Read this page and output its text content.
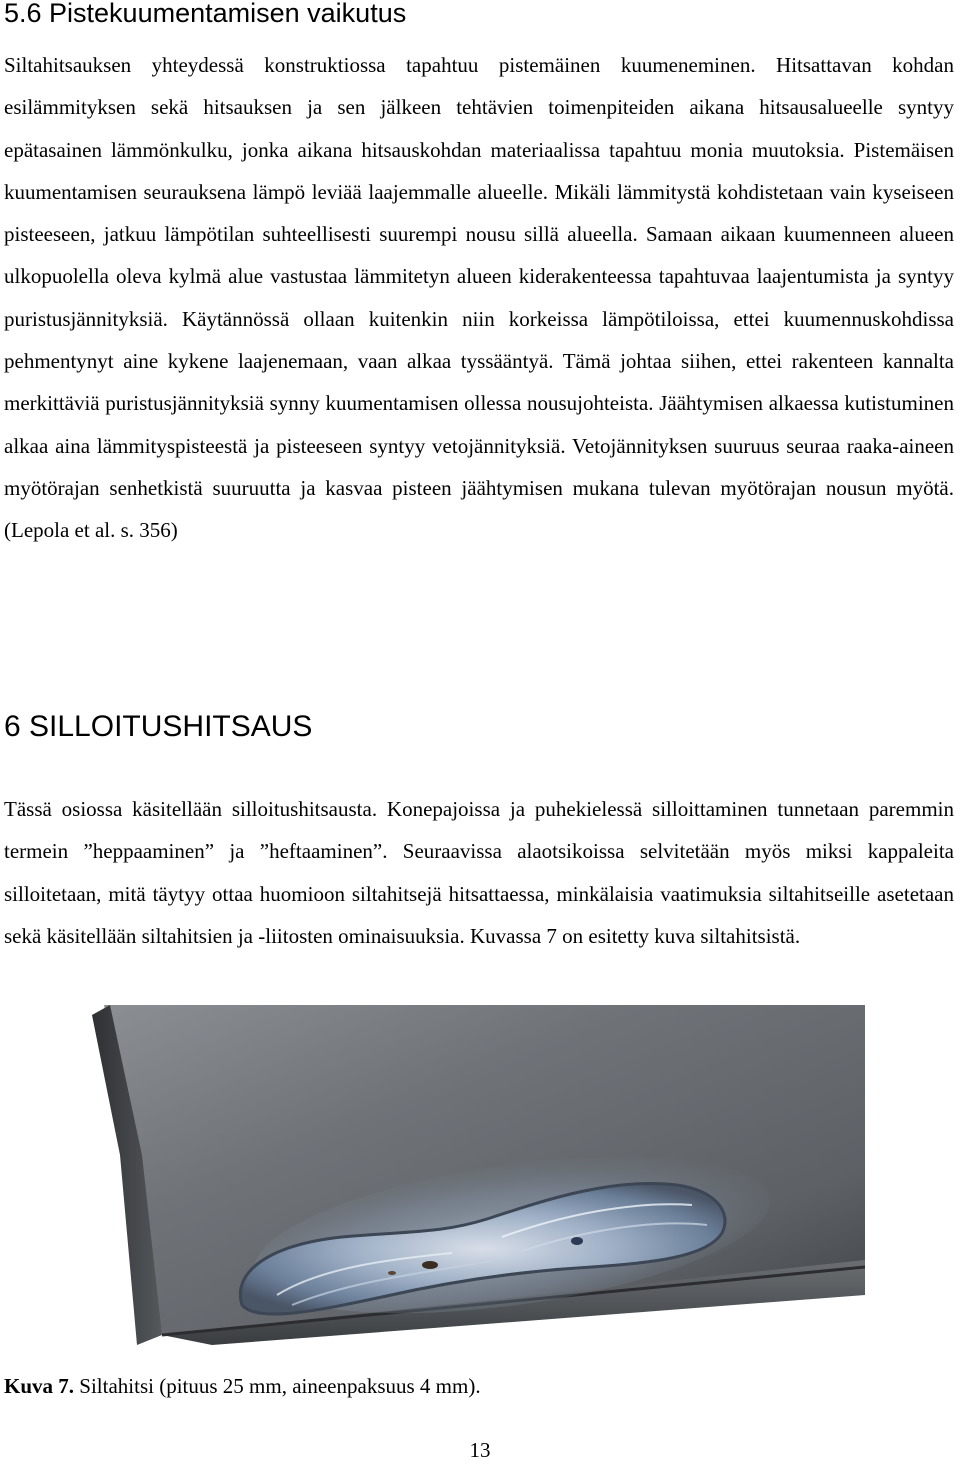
5.6 Pistekuumentamisen vaikutus

Siltahitsauksen yhteydessä konstruktiossa tapahtuu pistemäinen kuumeneminen. Hitsattavan kohdan esilämmityksen sekä hitsauksen ja sen jälkeen tehtävien toimenpiteiden aikana hitsausalueelle syntyy epätasainen lämmönkulku, jonka aikana hitsauskohdan materiaalissa tapahtuu monia muutoksia. Pistemäisen kuumentamisen seurauksena lämpö leviää laajemmalle alueelle. Mikäli lämmitystä kohdistetaan vain kyseiseen pisteeseen, jatkuu lämpötilan suhteellisesti suurempi nousu sillä alueella. Samaan aikaan kuumenneen alueen ulkopuolella oleva kylmä alue vastustaa lämmitetyn alueen kiderakenteessa tapahtuvaa laajentumista ja syntyy puristusjännityksiä. Käytännössä ollaan kuitenkin niin korkeissa lämpötiloissa, ettei kuumennuskohdissa pehmentynyt aine kykene laajenemaan, vaan alkaa tyssääntyä. Tämä johtaa siihen, ettei rakenteen kannalta merkittäviä puristusjännityksiä synny kuumentamisen ollessa nousujohteista. Jäähtymisen alkaessa kutistuminen alkaa aina lämmityspisteestä ja pisteeseen syntyy vetojännityksiä. Vetojännityksen suuruus seuraa raaka-aineen myötörajan senhetkistä suuruutta ja kasvaa pisteen jäähtymisen mukana tulevan myötörajan nousun myötä. (Lepola et al. s. 356)

6 SILLOITUSHITSAUS

Tässä osiossa käsitellään silloitushitsausta. Konepajoissa ja puhekielessä silloittaminen tunnetaan paremmin termein ”heppaaminen” ja ”heftaaminen”. Seuraavissa alaotsikoissa selvitetään myös miksi kappaleita silloitetaan, mitä täytyy ottaa huomioon siltahitsejä hitsattaessa, minkälaisia vaatimuksia siltahitseille asetetaan sekä käsitellään siltahitsien ja -liitosten ominaisuuksia. Kuvassa 7 on esitetty kuva siltahitsistä.

Kuva 7. Siltahitsi (pituus 25 mm, aineenpaksuus 4 mm).

13
